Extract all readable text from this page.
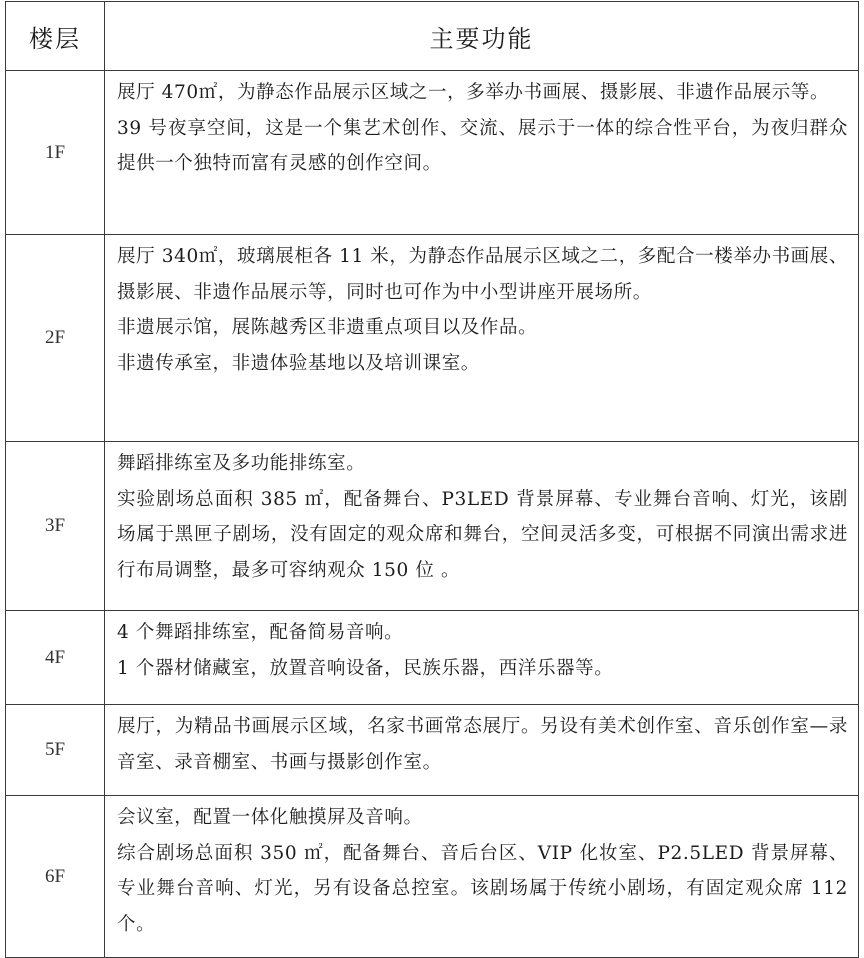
楼层	主要功能
1F	展厅 470㎡，为静态作品展示区域之一，多举办书画展、摄影展、非遗作品展示等。

39 号夜享空间，这是一个集艺术创作、交流、展示于一体的综合性平台，为夜归群众提供一个独特而富有灵感的创作空间。

2F	展厅 340㎡，玻璃展柜各 11 米，为静态作品展示区域之二，多配合一楼举办书画展、摄影展、非遗作品展示等，同时也可作为中小型讲座开展场所。

非遗展示馆，展陈越秀区非遗重点项目以及作品。

非遗传承室，非遗体验基地以及培训课室。

3F	舞蹈排练室及多功能排练室。

实验剧场总面积 385 ㎡，配备舞台、P3LED 背景屏幕、专业舞台音响、灯光，该剧场属于黑匣子剧场，没有固定的观众席和舞台，空间灵活多变，可根据不同演出需求进行布局调整，最多可容纳观众 150 位 。

4F	4 个舞蹈排练室，配备简易音响。

1 个器材储藏室，放置音响设备，民族乐器，西洋乐器等。

5F	展厅，为精品书画展示区域，名家书画常态展厅。另设有美术创作室、音乐创作室—录音室、录音棚室、书画与摄影创作室。

6F	会议室，配置一体化触摸屏及音响。

综合剧场总面积 350 ㎡，配备舞台、音后台区、VIP 化妆室、P2.5LED 背景屏幕、专业舞台音响、灯光，另有设备总控室。该剧场属于传统小剧场，有固定观众席 112 个。
